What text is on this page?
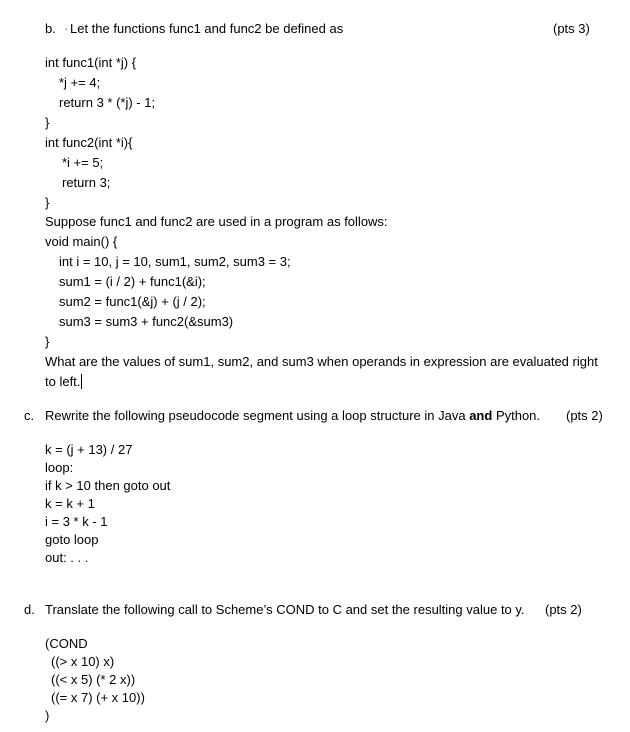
b. · Let the functions func1 and func2 be defined as	(pts 3)
int func1(int *j) {
*j += 4;
return 3 * (*j) - 1;
}
int func2(int *i){
*i += 5;
return 3;
}
Suppose func1 and func2 are used in a program as follows:
void main() {
int i = 10, j = 10, sum1, sum2, sum3 = 3;
sum1 = (i / 2) + func1(&i);
sum2 = func1(&j) + (j / 2);
sum3 = sum3 + func2(&sum3)
}
What are the values of sum1, sum2, and sum3 when operands in expression are evaluated right
to left.
c. Rewrite the following pseudocode segment using a loop structure in Java and Python. (pts 2)
k = (j + 13) / 27
loop:
if k > 10 then goto out
k = k + 1
i = 3 * k - 1
goto loop
out: . . .
d. Translate the following call to Scheme’s COND to C and set the resulting value to y. (pts 2)
(COND
((> x 10) x)
((< x 5) (* 2 x))
((= x 7) (+ x 10))
)
